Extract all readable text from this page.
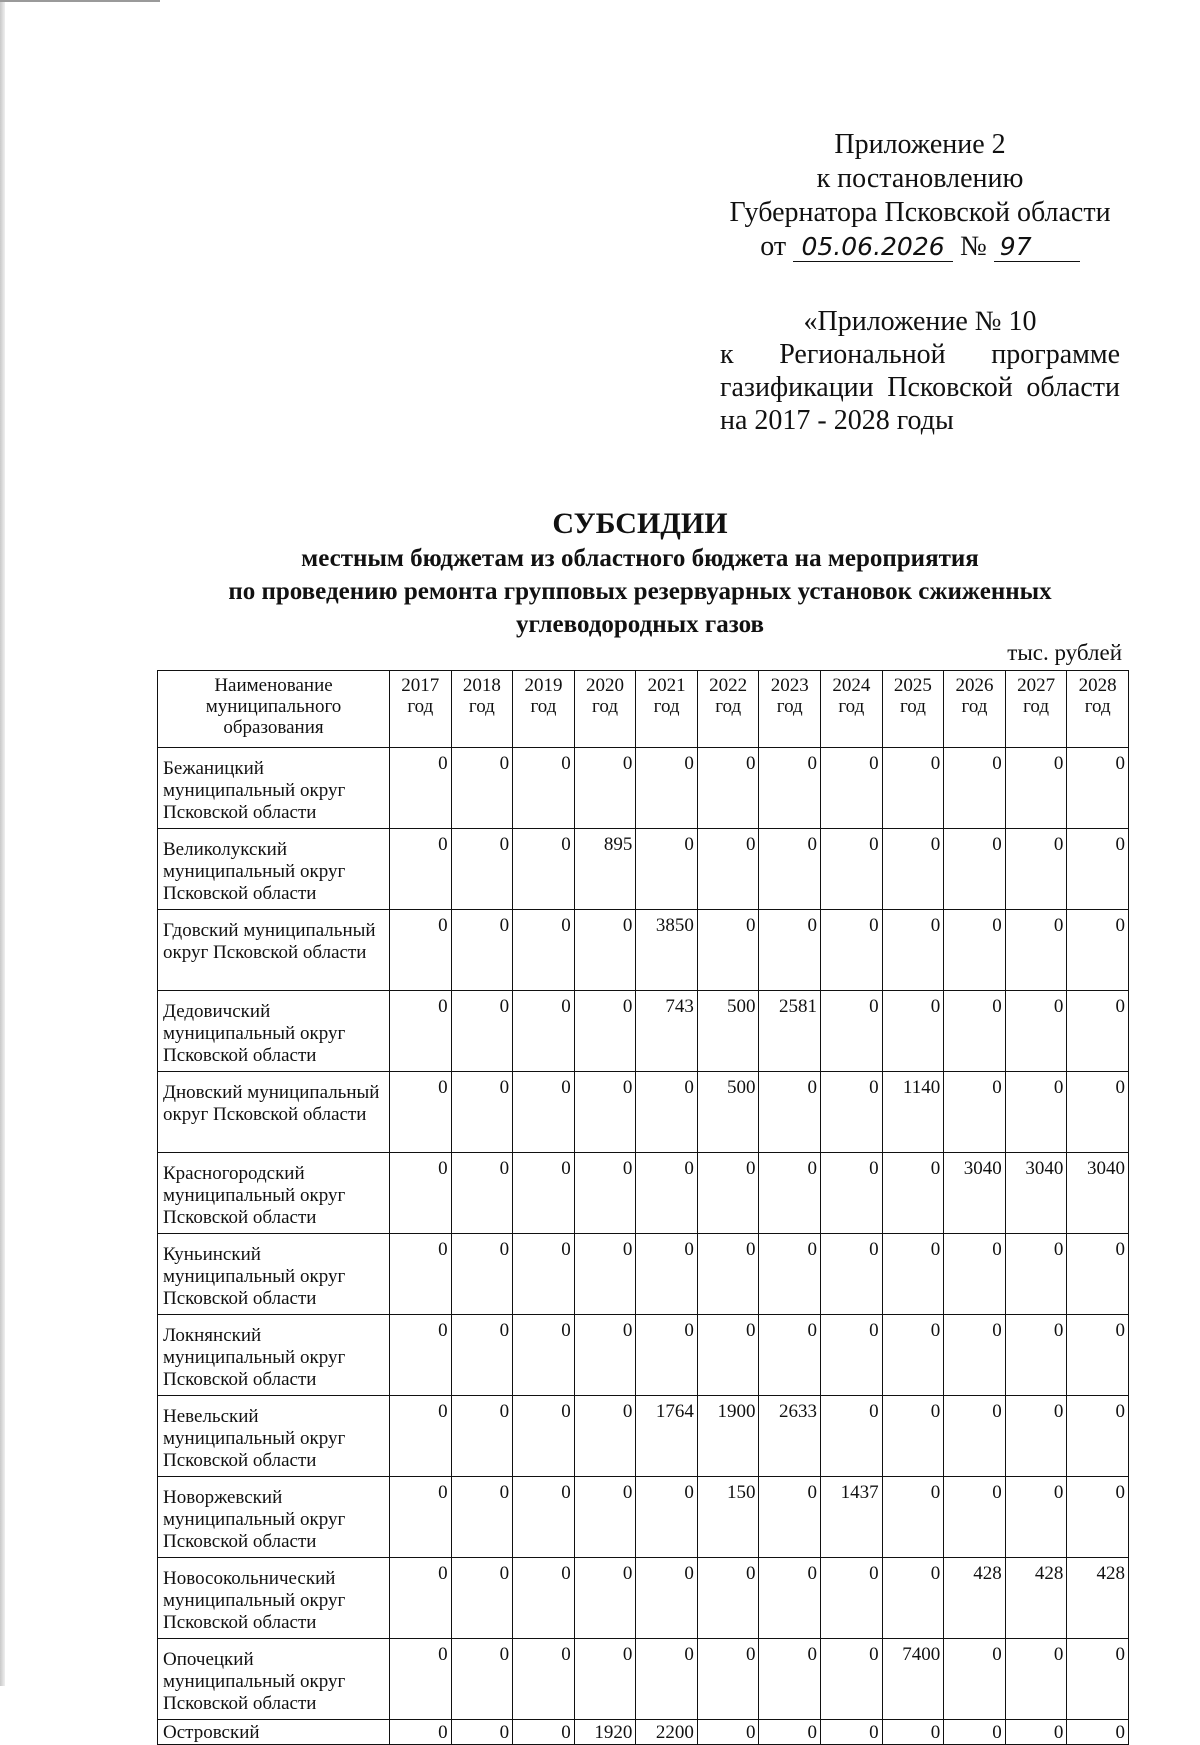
Приложение 2
к постановлению
Губернатора Псковской области
от 05.06.2026 № 97
«Приложение № 10
к Региональной программе
газификации Псковской области
на 2017 - 2028 годы
СУБСИДИИ
местным бюджетам из областного бюджета на мероприятия
по проведению ремонта групповых резервуарных установок сжиженных
углеводородных газов
тыс. рублей
Наименование муниципального образования	2017 год	2018 год	2019 год	2020 год	2021 год	2022 год	2023 год	2024 год	2025 год	2026 год	2027 год	2028 год
Бежаницкий муниципальный округ Псковской области	0	0	0	0	0	0	0	0	0	0	0	0
Великолукский муниципальный округ Псковской области	0	0	0	895	0	0	0	0	0	0	0	0
Гдовский муниципальный округ Псковской области	0	0	0	0	3850	0	0	0	0	0	0	0
Дедовичский муниципальный округ Псковской области	0	0	0	0	743	500	2581	0	0	0	0	0
Дновский муниципальный округ Псковской области	0	0	0	0	0	500	0	0	1140	0	0	0
Красногородский муниципальный округ Псковской области	0	0	0	0	0	0	0	0	0	3040	3040	3040
Куньинский муниципальный округ Псковской области	0	0	0	0	0	0	0	0	0	0	0	0
Локнянский муниципальный округ Псковской области	0	0	0	0	0	0	0	0	0	0	0	0
Невельский муниципальный округ Псковской области	0	0	0	0	1764	1900	2633	0	0	0	0	0
Новоржевский муниципальный округ Псковской области	0	0	0	0	0	150	0	1437	0	0	0	0
Новосокольнический муниципальный округ Псковской области	0	0	0	0	0	0	0	0	0	428	428	428
Опочецкий муниципальный округ Псковской области	0	0	0	0	0	0	0	0	7400	0	0	0
Островский	0	0	0	1920	2200	0	0	0	0	0	0	0
